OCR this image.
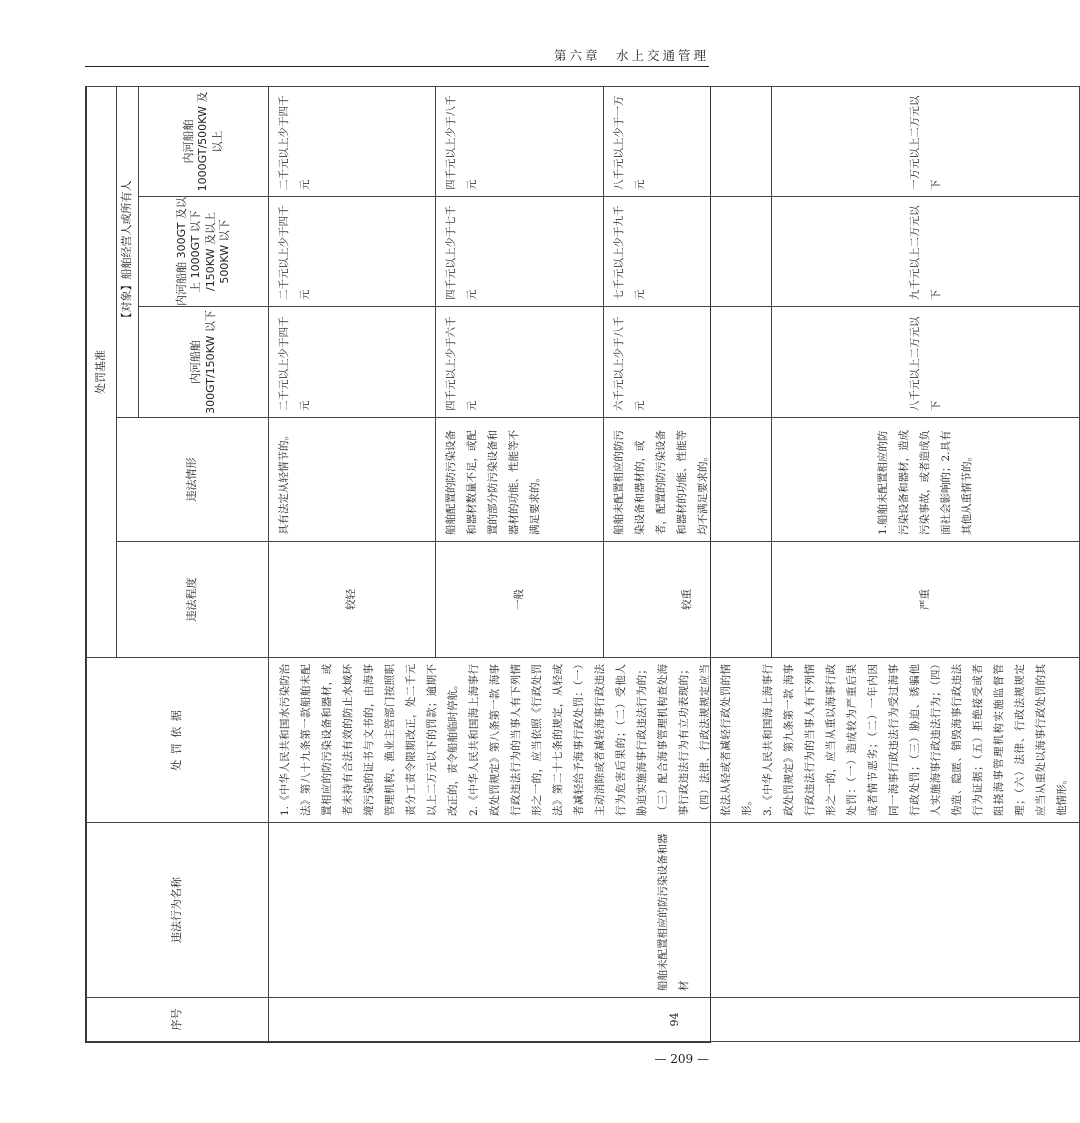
第六章　水上交通管理
序号	违法行为名称	处 罚 依 据	处罚基准				
			违法程度	违法情形	【对象】船舶经营人或所有人		
					内河船舶 300GT/150KW 以下	内河船舶 300GT 及以上 1000GT 以下 /150KW 及以上 500KW 以下	内河船舶 1000GT/500KW 及以上
94	船舶未配置相应的防污染设备和器材	1.《中华人民共和国水污染防治法》第八十九条第一款船舶未配置相应的防污染设备和器材，或者未持有合法有效的防止水域环境污染的证书与文书的，由海事管理机构、渔业主管部门按照职责分工责令限期改正，处二千元以上二万元以下的罚款；逾期不改正的，责令船舶临时停航。 2.《中华人民共和国海上海事行政处罚规定》第八条第一款 海事行政违法行为的当事人有下列情形之一的，应当依照《行政处罚法》第二十七条的规定，从轻或者减轻给予海事行政处罚：（一）主动消除或者减轻海事行政违法行为危害后果的；（二）受他人胁迫实施海事行政违法行为的；（三）配合海事管理机构查处海事行政违法行为有立功表现的；（四）法律、行政法规规定应当依法从轻或者减轻行政处罚的情形。 3.《中华人民共和国海上海事行政处罚规定》第九条第一款 海事行政违法行为的当事人有下列情形之一的，应当从重以海事行政处罚：（一）造成较为严重后果或者情节恶劣；（二）一年内因同一海事行政违法行为受过海事行政处罚；（三）胁迫、诱骗他人实施海事行政违法行为；（四）伪造、隐匿、销毁海事行政违法行为证据；（五）拒绝接受或者阻挠海事管理机构实施监督管理；（六）法律、行政法规规定应当从重处以海事行政处罚的其他情形。	较轻	具有法定从轻情节的。	二千元以上少于四千元	二千元以上少于四千元	二千元以上少于四千元
			一般	船舶配置的防污染设备和器材数量不足，或配置的部分防污染设备和器材的功能、性能等不满足要求的。	四千元以上少于六千元	四千元以上少于七千元	四千元以上少于八千元
			较重	船舶未配置相应的防污染设备和器材的，或者，配置的防污染设备和器材的功能、性能等均不满足要求的。	六千元以上少于八千元	七千元以上少于九千元	八千元以上少于一万元
			严重	1.船舶未配置相应的防污染设备和器材，造成污染事故，或者造成负面社会影响的；2.具有其他从重情节的。	八千元以上二万元以下	九千元以上二万元以下	一万元以上二万元以下
— 209 —
